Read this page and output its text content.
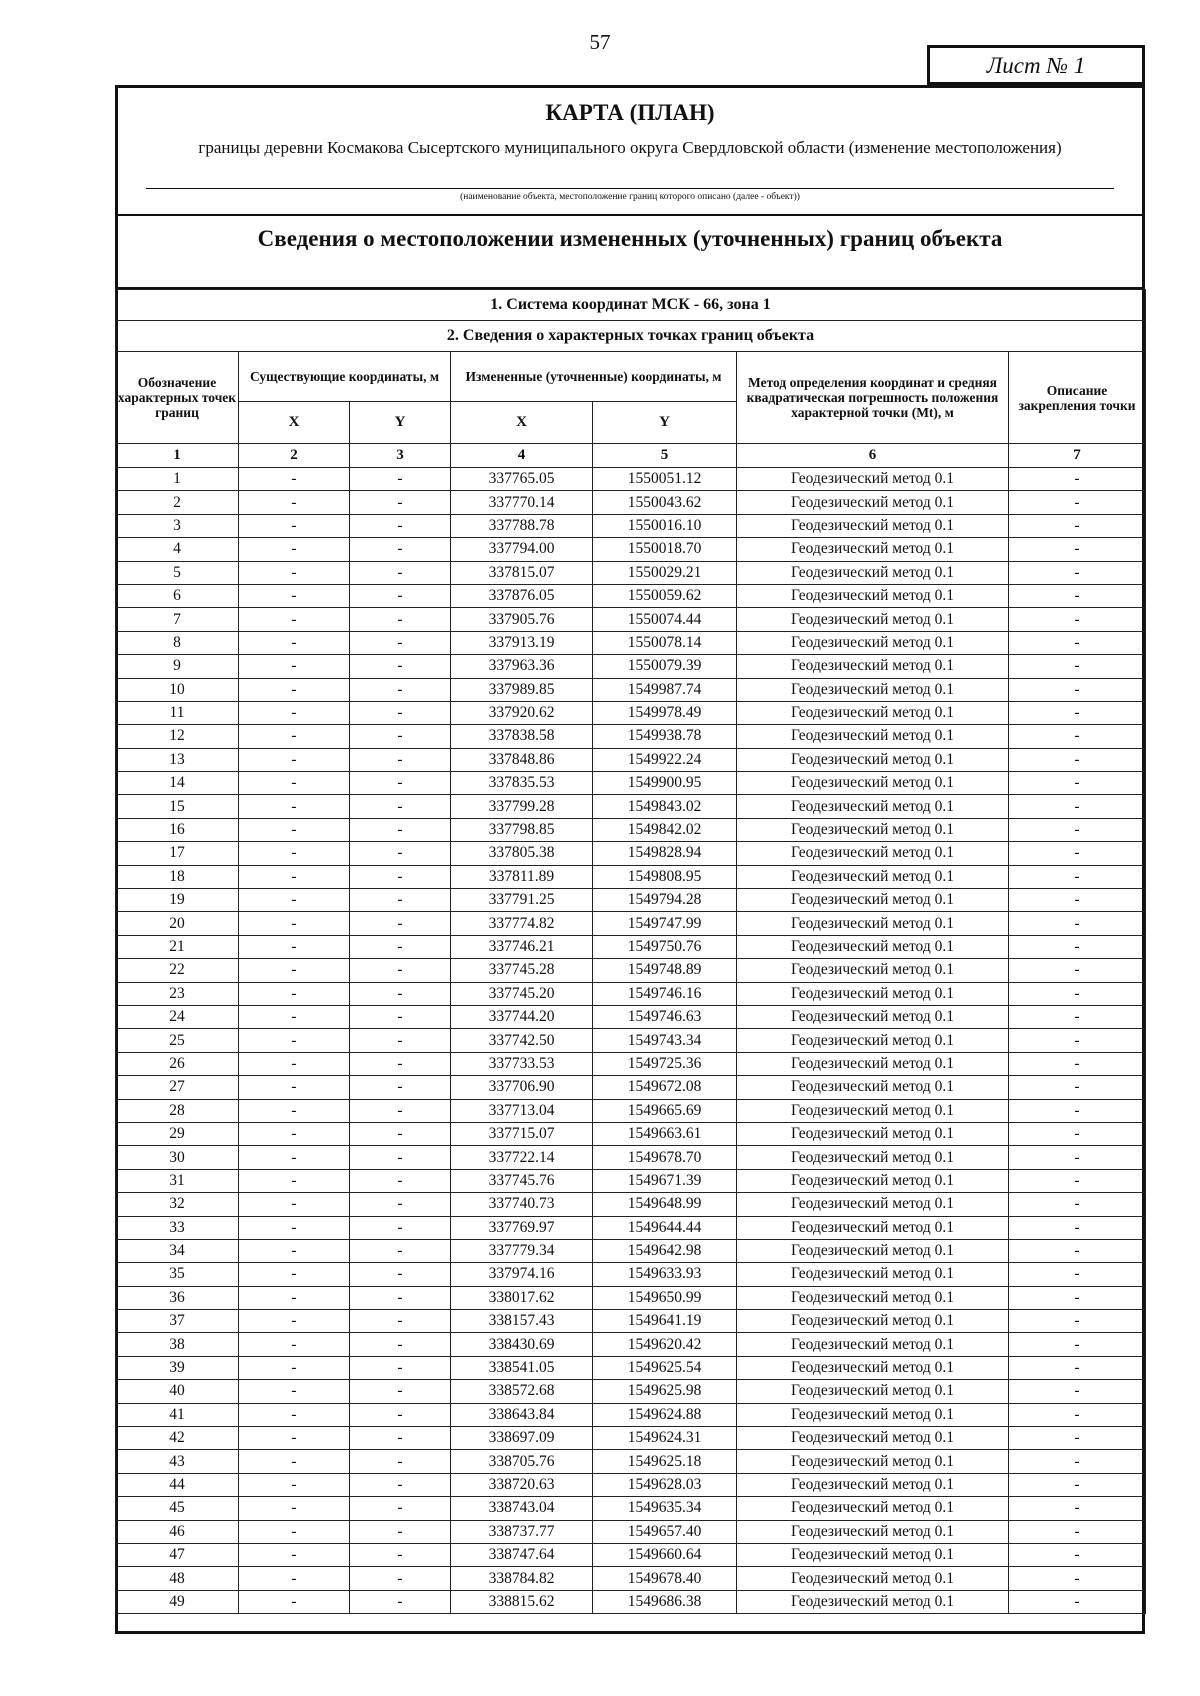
57
Лист № 1
КАРТА (ПЛАН)
границы деревни Космакова Сысертского муниципального округа Свердловской области (изменение местоположения)
(наименование объекта, местоположение границ которого описано (далее - объект))
Сведения о местоположении измененных (уточненных) границ объекта
1. Система координат МСК - 66, зона 1						
2. Сведения о характерных точках границ объекта						
Обозначение характерных точек границ	Существующие координаты, м		Измененные (уточненные) координаты, м		Метод определения координат и средняя квадратическая погрешность положения характерной точки (Mt), м	Описание закрепления точки
	X	Y	X	Y		
1	2	3	4	5	6	7
1	-	-	337765.05	1550051.12	Геодезический метод 0.1	-
2	-	-	337770.14	1550043.62	Геодезический метод 0.1	-
3	-	-	337788.78	1550016.10	Геодезический метод 0.1	-
4	-	-	337794.00	1550018.70	Геодезический метод 0.1	-
5	-	-	337815.07	1550029.21	Геодезический метод 0.1	-
6	-	-	337876.05	1550059.62	Геодезический метод 0.1	-
7	-	-	337905.76	1550074.44	Геодезический метод 0.1	-
8	-	-	337913.19	1550078.14	Геодезический метод 0.1	-
9	-	-	337963.36	1550079.39	Геодезический метод 0.1	-
10	-	-	337989.85	1549987.74	Геодезический метод 0.1	-
11	-	-	337920.62	1549978.49	Геодезический метод 0.1	-
12	-	-	337838.58	1549938.78	Геодезический метод 0.1	-
13	-	-	337848.86	1549922.24	Геодезический метод 0.1	-
14	-	-	337835.53	1549900.95	Геодезический метод 0.1	-
15	-	-	337799.28	1549843.02	Геодезический метод 0.1	-
16	-	-	337798.85	1549842.02	Геодезический метод 0.1	-
17	-	-	337805.38	1549828.94	Геодезический метод 0.1	-
18	-	-	337811.89	1549808.95	Геодезический метод 0.1	-
19	-	-	337791.25	1549794.28	Геодезический метод 0.1	-
20	-	-	337774.82	1549747.99	Геодезический метод 0.1	-
21	-	-	337746.21	1549750.76	Геодезический метод 0.1	-
22	-	-	337745.28	1549748.89	Геодезический метод 0.1	-
23	-	-	337745.20	1549746.16	Геодезический метод 0.1	-
24	-	-	337744.20	1549746.63	Геодезический метод 0.1	-
25	-	-	337742.50	1549743.34	Геодезический метод 0.1	-
26	-	-	337733.53	1549725.36	Геодезический метод 0.1	-
27	-	-	337706.90	1549672.08	Геодезический метод 0.1	-
28	-	-	337713.04	1549665.69	Геодезический метод 0.1	-
29	-	-	337715.07	1549663.61	Геодезический метод 0.1	-
30	-	-	337722.14	1549678.70	Геодезический метод 0.1	-
31	-	-	337745.76	1549671.39	Геодезический метод 0.1	-
32	-	-	337740.73	1549648.99	Геодезический метод 0.1	-
33	-	-	337769.97	1549644.44	Геодезический метод 0.1	-
34	-	-	337779.34	1549642.98	Геодезический метод 0.1	-
35	-	-	337974.16	1549633.93	Геодезический метод 0.1	-
36	-	-	338017.62	1549650.99	Геодезический метод 0.1	-
37	-	-	338157.43	1549641.19	Геодезический метод 0.1	-
38	-	-	338430.69	1549620.42	Геодезический метод 0.1	-
39	-	-	338541.05	1549625.54	Геодезический метод 0.1	-
40	-	-	338572.68	1549625.98	Геодезический метод 0.1	-
41	-	-	338643.84	1549624.88	Геодезический метод 0.1	-
42	-	-	338697.09	1549624.31	Геодезический метод 0.1	-
43	-	-	338705.76	1549625.18	Геодезический метод 0.1	-
44	-	-	338720.63	1549628.03	Геодезический метод 0.1	-
45	-	-	338743.04	1549635.34	Геодезический метод 0.1	-
46	-	-	338737.77	1549657.40	Геодезический метод 0.1	-
47	-	-	338747.64	1549660.64	Геодезический метод 0.1	-
48	-	-	338784.82	1549678.40	Геодезический метод 0.1	-
49	-	-	338815.62	1549686.38	Геодезический метод 0.1	-
